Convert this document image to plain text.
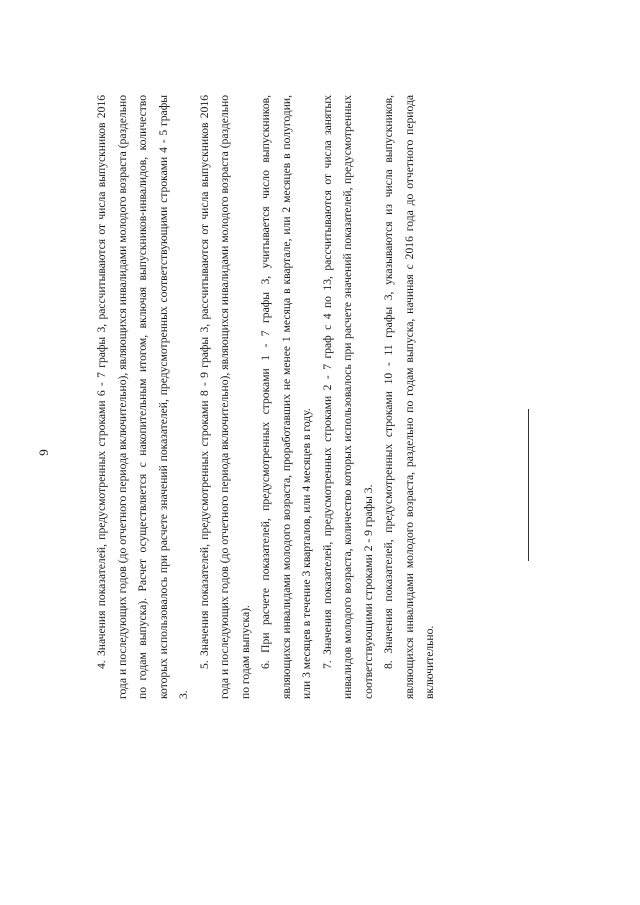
9	4. Значения показателей, предусмотренных строками 6 - 7 графы 3, рассчитываются от числа выпускников 2016 года и последующих годов (до отчетного периода включительно), являющихся инвалидами молодого возраста (раздельно по годам выпуска). Расчет осуществляется с накопительным итогом, включая выпускников-инвалидов, количество которых использовалось при расчете значений показателей, предусмотренных соответствующими строками 4 - 5 графы 3.

5. Значения показателей, предусмотренных строками 8 - 9 графы 3, рассчитываются от числа выпускников 2016 года и последующих годов (до отчетного периода включительно), являющихся инвалидами молодого возраста (раздельно по годам выпуска). 6. При расчете показателей, предусмотренных строками 1 - 7 графы 3, учитывается число выпускников, являющихся инвалидами молодого возраста, проработавших не менее 1 месяца в квартале, или 2 месяцев в полугодии, или 3 месяцев в течение 3 кварталов, или 4 месяцев в году. 7. Значения показателей, предусмотренных строками 2 - 7 граф с 4 по 13, рассчитываются от числа занятых инвалидов молодого возраста, количество которых использовалось при расчете значений показателей, предусмотренных соответствующими строками 2 - 9 графы 3. 8. Значения показателей, предусмотренных строками 10 - 11 графы 3, указываются из числа выпускников, являющихся инвалидами молодого возраста, раздельно по годам выпуска, начиная с 2016 года до отчетного периода включительно.
